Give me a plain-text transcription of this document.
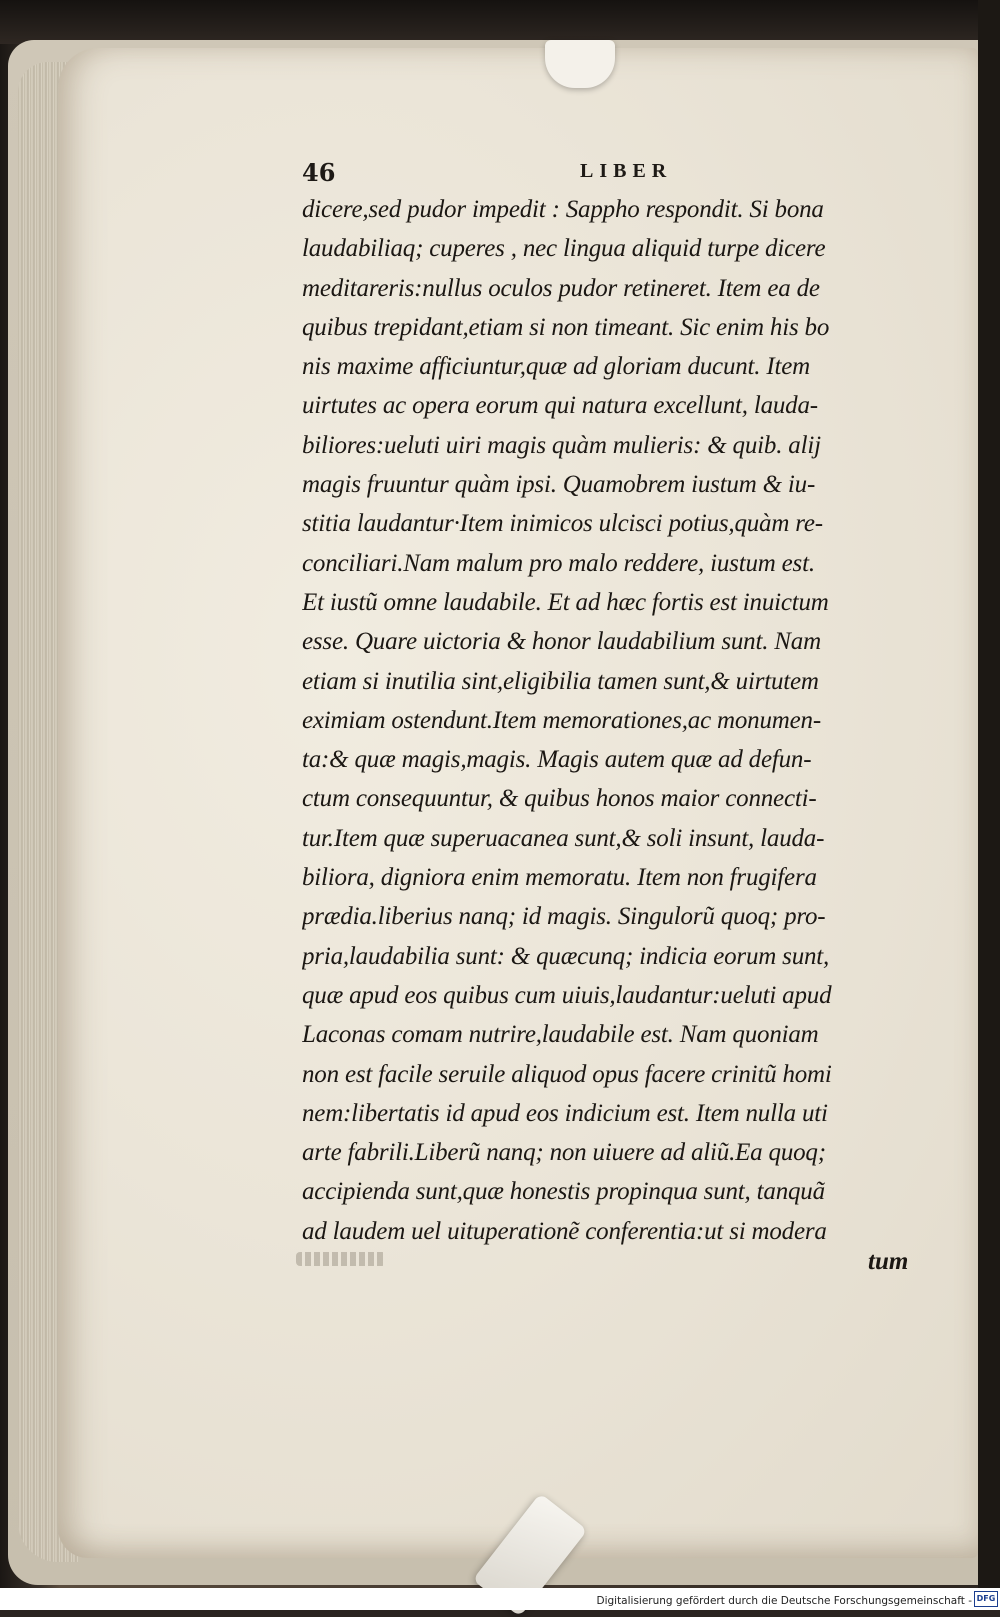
46	LIBER
dicere,sed pudor impedit : Sappho respondit. Si bona
laudabiliaq; cuperes , nec lingua aliquid turpe dicere
meditareris:nullus oculos pudor retineret. Item ea de
quibus trepidant,etiam si non timeant. Sic enim his bo
nis maxime afficiuntur,quæ ad gloriam ducunt. Item
uirtutes ac opera eorum qui natura excellunt, lauda-
biliores:ueluti uiri magis quàm mulieris: & quib. alij
magis fruuntur quàm ipsi. Quamobrem iustum & iu-
stitia laudantur·Item inimicos ulcisci potius,quàm re-
conciliari.Nam malum pro malo reddere, iustum est.
Et iustũ omne laudabile. Et ad hæc fortis est inuictum
esse. Quare uictoria & honor laudabilium sunt. Nam
etiam si inutilia sint,eligibilia tamen sunt,& uirtutem
eximiam ostendunt.Item memorationes,ac monumen-
ta:& quæ magis,magis. Magis autem quæ ad defun-
ctum consequuntur, & quibus honos maior connecti-
tur.Item quæ superuacanea sunt,& soli insunt, lauda-
biliora, digniora enim memoratu. Item non frugifera
prædia.liberius nanq; id magis. Singulorũ quoq; pro-
pria,laudabilia sunt: & quæcunq; indicia eorum sunt,
quæ apud eos quibus cum uiuis,laudantur:ueluti apud
Laconas comam nutrire,laudabile est. Nam quoniam
non est facile seruile aliquod opus facere crinitũ homi
nem:libertatis id apud eos indicium est. Item nulla uti
arte fabrili.Liberũ nanq; non uiuere ad aliũ.Ea quoq;
accipienda sunt,quæ honestis propinqua sunt, tanquã
ad laudem uel uituperationẽ conferentia:ut si modera
tum
Digitalisierung gefördert durch die Deutsche Forschungsgemeinschaft - DFG
